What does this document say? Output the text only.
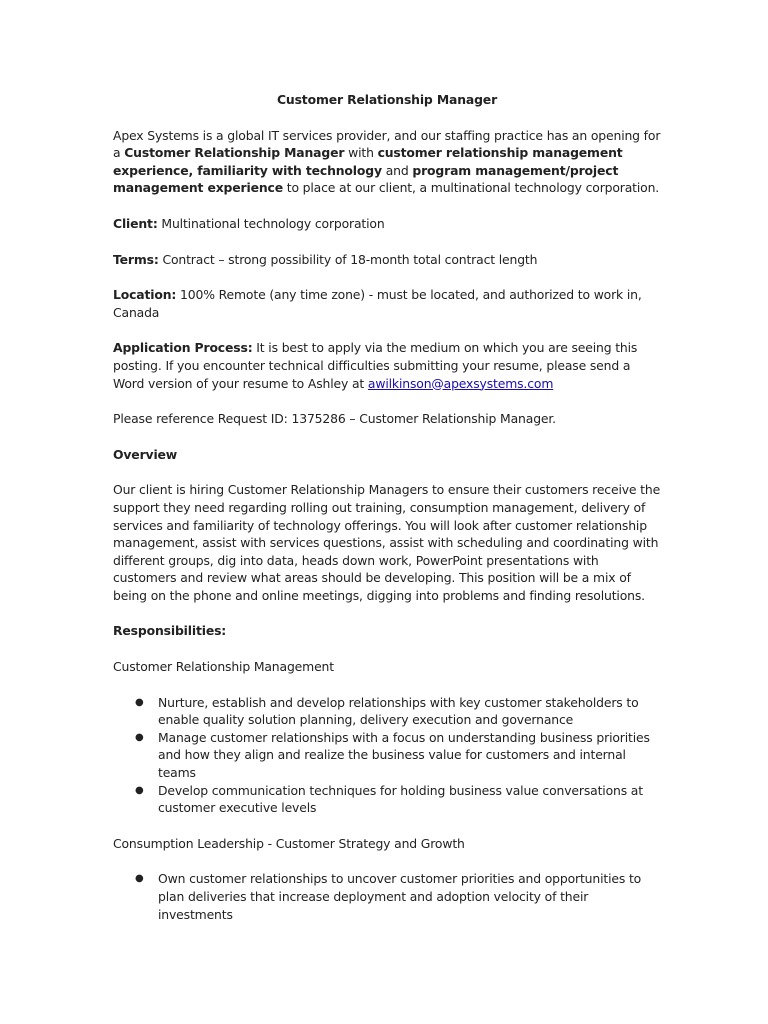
Customer Relationship Manager

Apex Systems is a global IT services provider, and our staffing practice has an opening for a Customer Relationship Manager with customer relationship management experience, familiarity with technology and program management/project management experience to place at our client, a multinational technology corporation.

Client: Multinational technology corporation

Terms: Contract – strong possibility of 18-month total contract length

Location: 100% Remote (any time zone) - must be located, and authorized to work in, Canada

Application Process: It is best to apply via the medium on which you are seeing this posting. If you encounter technical difficulties submitting your resume, please send a Word version of your resume to Ashley at awilkinson@apexsystems.com

Please reference Request ID: 1375286 – Customer Relationship Manager.

Overview

Our client is hiring Customer Relationship Managers to ensure their customers receive the support they need regarding rolling out training, consumption management, delivery of services and familiarity of technology offerings. You will look after customer relationship management, assist with services questions, assist with scheduling and coordinating with different groups, dig into data, heads down work, PowerPoint presentations with customers and review what areas should be developing. This position will be a mix of being on the phone and online meetings, digging into problems and finding resolutions.

Responsibilities:

Customer Relationship Management

● Nurture, establish and develop relationships with key customer stakeholders to enable quality solution planning, delivery execution and governance
● Manage customer relationships with a focus on understanding business priorities and how they align and realize the business value for customers and internal teams
● Develop communication techniques for holding business value conversations at customer executive levels

Consumption Leadership - Customer Strategy and Growth

● Own customer relationships to uncover customer priorities and opportunities to plan deliveries that increase deployment and adoption velocity of their investments
